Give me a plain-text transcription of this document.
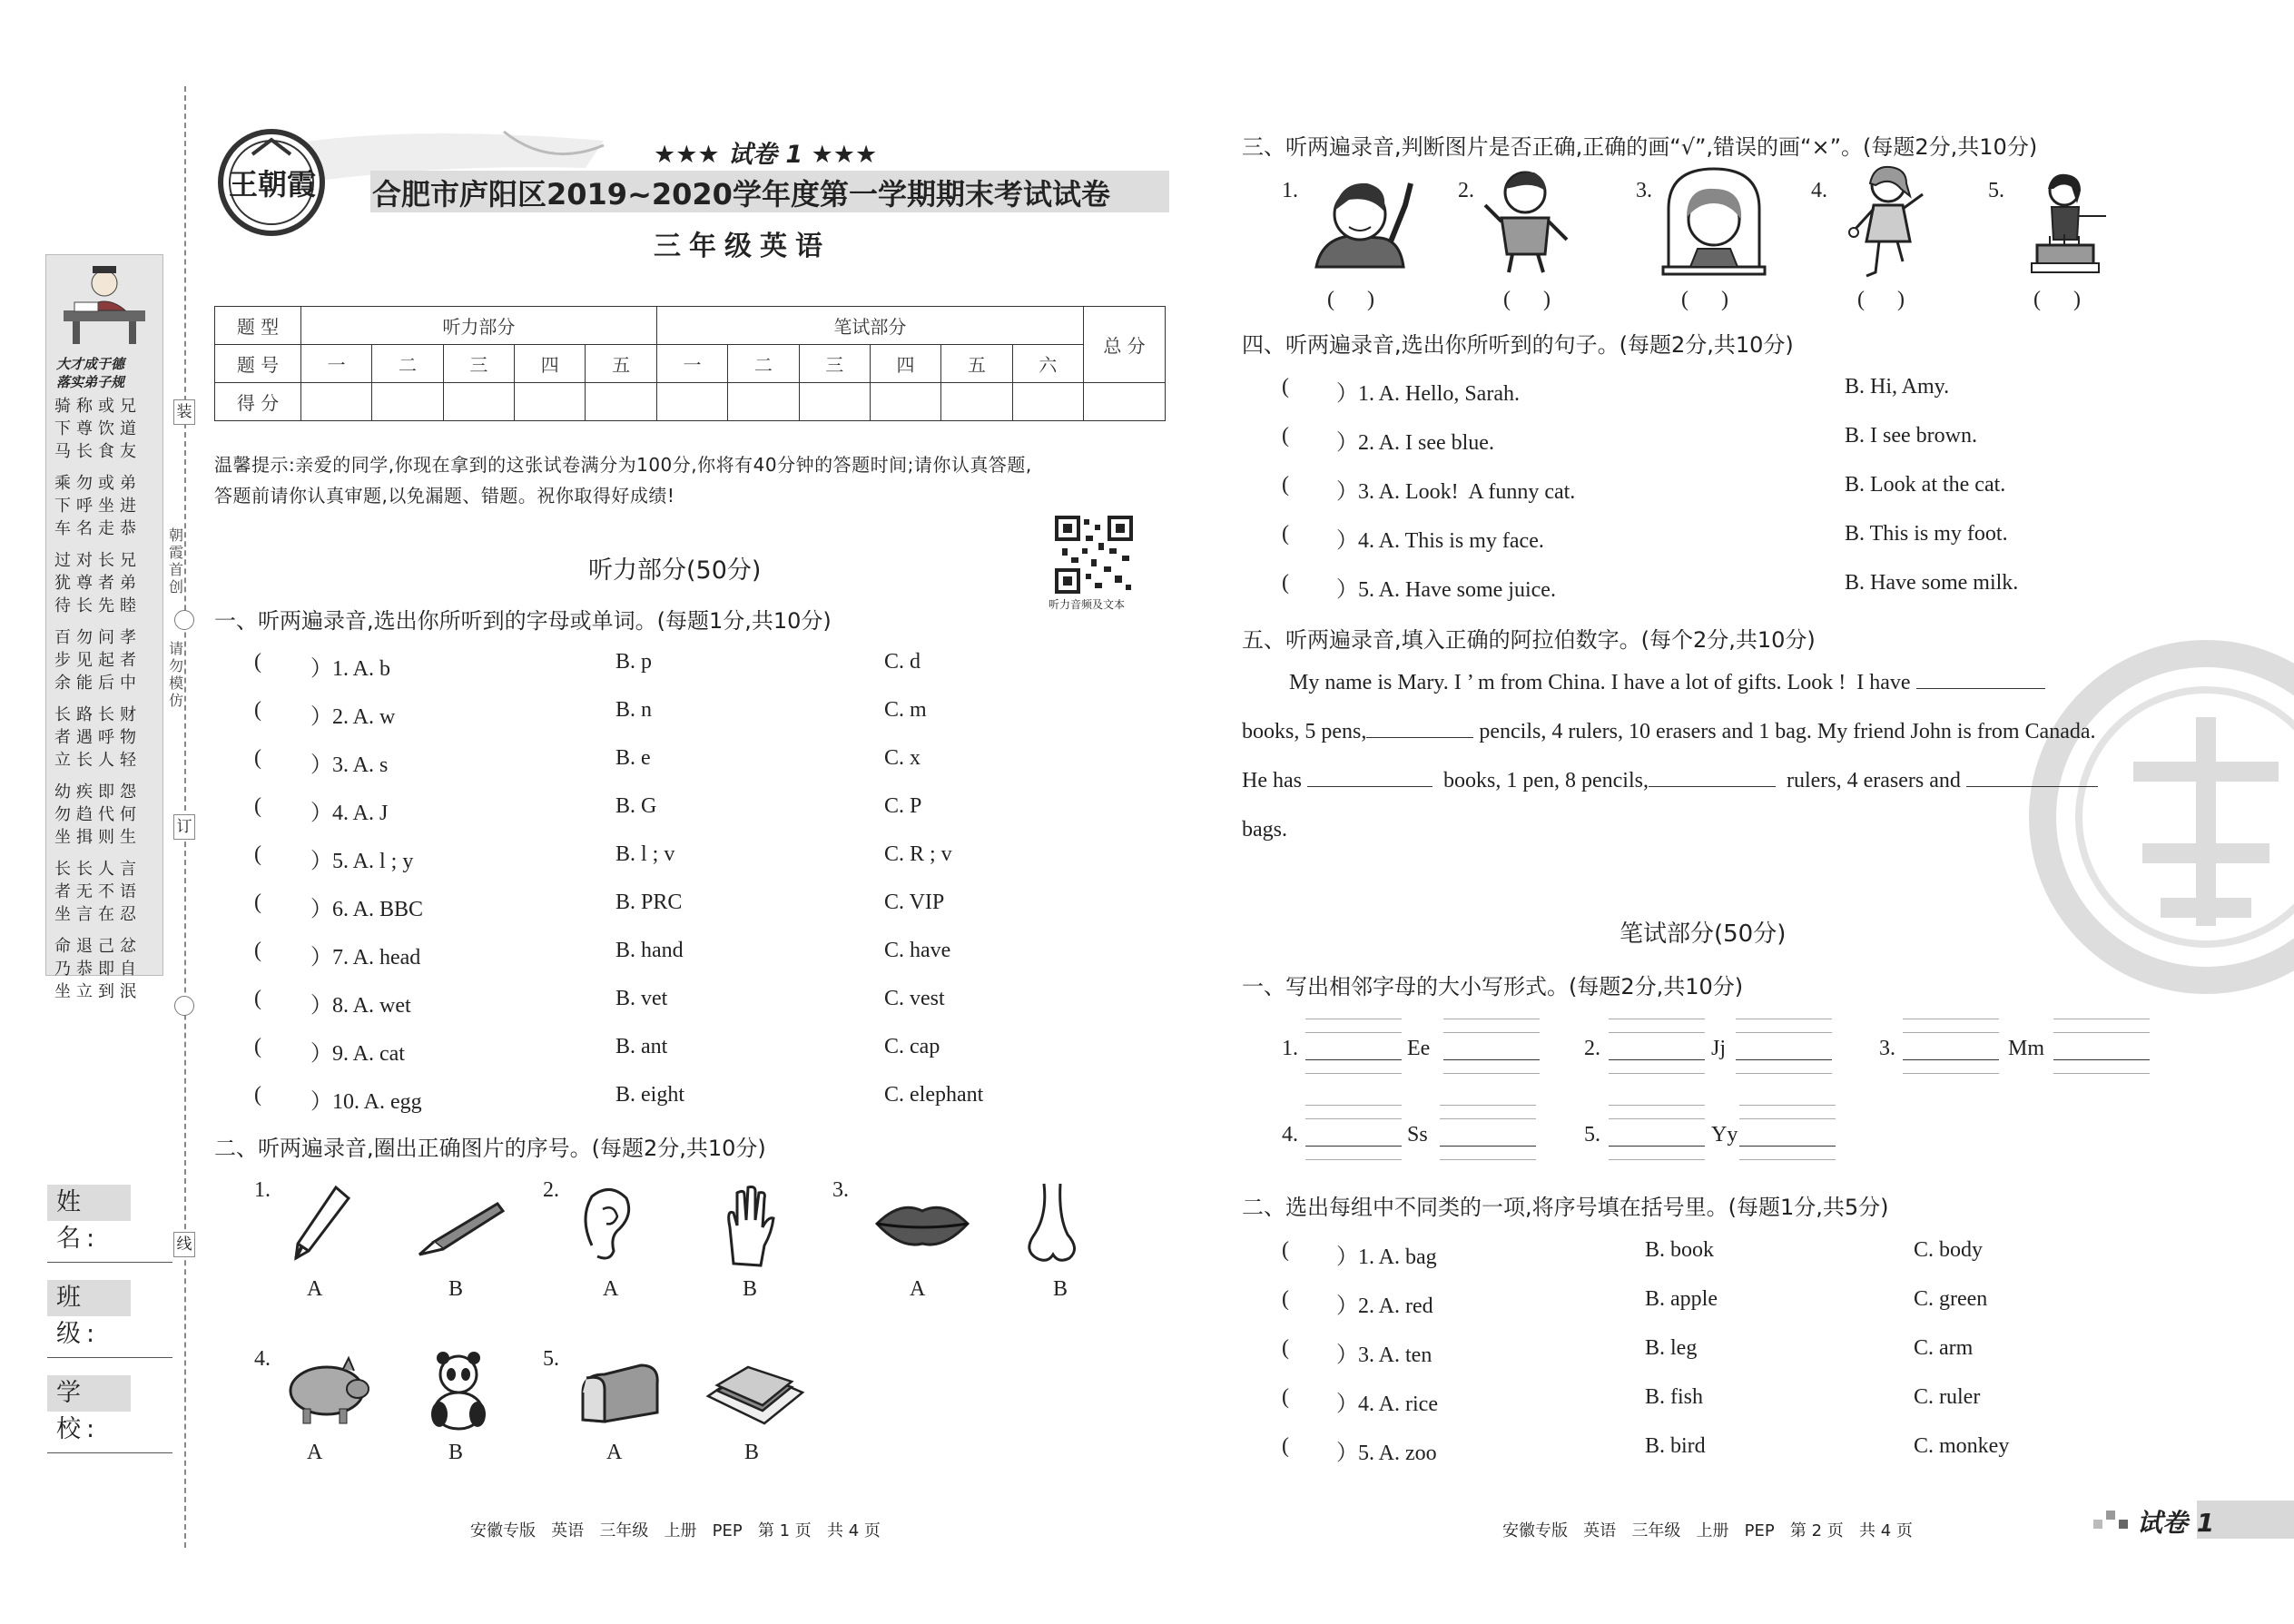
大才成于德
落实弟子规
骑称或兄
下尊饮道
马长食友
乘勿或弟
下呼坐进
车名走恭
过对长兄
犹尊者弟
待长先睦
百勿问孝
步见起者
余能后中
长路长财
者遇呼物
立长人轻
幼疾即怨
勿趋代何
坐揖则生
长长人言
者无不语
坐言在忍
命退己忿
乃恭即自
坐立到泯
装
订
线
朝霞首创
请勿模仿
姓 名:
班 级:
学 校:
王朝霞
★★★ 试卷 1 ★★★
合肥市庐阳区2019~2020学年度第一学期期末考试试卷
三年级英语
题 型	听力部分					笔试部分						总 分
题 号	一	二	三	四	五	一	二	三	四	五	六	
得 分												
温馨提示:亲爱的同学,你现在拿到的这张试卷满分为100分,你将有40分钟的答题时间;请你认真答题,
答题前请你认真审题,以免漏题、错题。祝你取得好成绩!
听力音频及文本
听力部分(50分)
一、听两遍录音,选出你所听到的字母或单词。(每题1分,共10分)
( ）1. A. b	B. p	C. d
( ）2. A. w	B. n	C. m
( ）3. A. s	B. e	C. x
( ）4. A. J	B. G	C. P
( ）5. A. l ; y	B. l ; v	C. R ; v
( ）6. A. BBC	B. PRC	C. VIP
( ）7. A. head	B. hand	C. have
( ）8. A. wet	B. vet	C. vest
( ）9. A. cat	B. ant	C. cap
( ）10. A. egg	B. eight	C. elephant
二、听两遍录音,圈出正确图片的序号。(每题2分,共10分)
1.	2.	3.
4.	5.
A	B	A	B	A	B
A	B	A	B
安徽专版   英语   三年级   上册   PEP   第 1 页   共 4 页
三、听两遍录音,判断图片是否正确,正确的画“√”,错误的画“×”。(每题2分,共10分)
1.	2.	3.	4.	5.
(      )	(      )	(      )	(      )	(      )
四、听两遍录音,选出你所听到的句子。(每题2分,共10分)
( ）1. A. Hello, Sarah.	B. Hi, Amy.
( ）2. A. I see blue.	B. I see brown.
( ）3. A. Look!  A funny cat.	B. Look at the cat.
( ）4. A. This is my face.	B. This is my foot.
( ）5. A. Have some juice.	B. Have some milk.
五、听两遍录音,填入正确的阿拉伯数字。(每个2分,共10分)
My name is Mary. I ’ m from China. I have a lot of gifts. Look !  I have
books, 5 pens,	pencils, 4 rulers, 10 erasers and 1 bag. My friend John is from Canada.
He has	books, 1 pen, 8 pencils,	rulers, 4 erasers and
bags.
笔试部分(50分)
一、写出相邻字母的大小写形式。(每题2分,共10分)
1.	Ee	2.	Jj	3.	Mm
4.	Ss	5.	Yy
二、选出每组中不同类的一项,将序号填在括号里。(每题1分,共5分)
( ）1. A. bag	B. book	C. body
( ）2. A. red	B. apple	C. green
( ）3. A. ten	B. leg	C. arm
( ）4. A. rice	B. fish	C. ruler
( ）5. A. zoo	B. bird	C. monkey
安徽专版   英语   三年级   上册   PEP   第 2 页   共 4 页	试卷 1
